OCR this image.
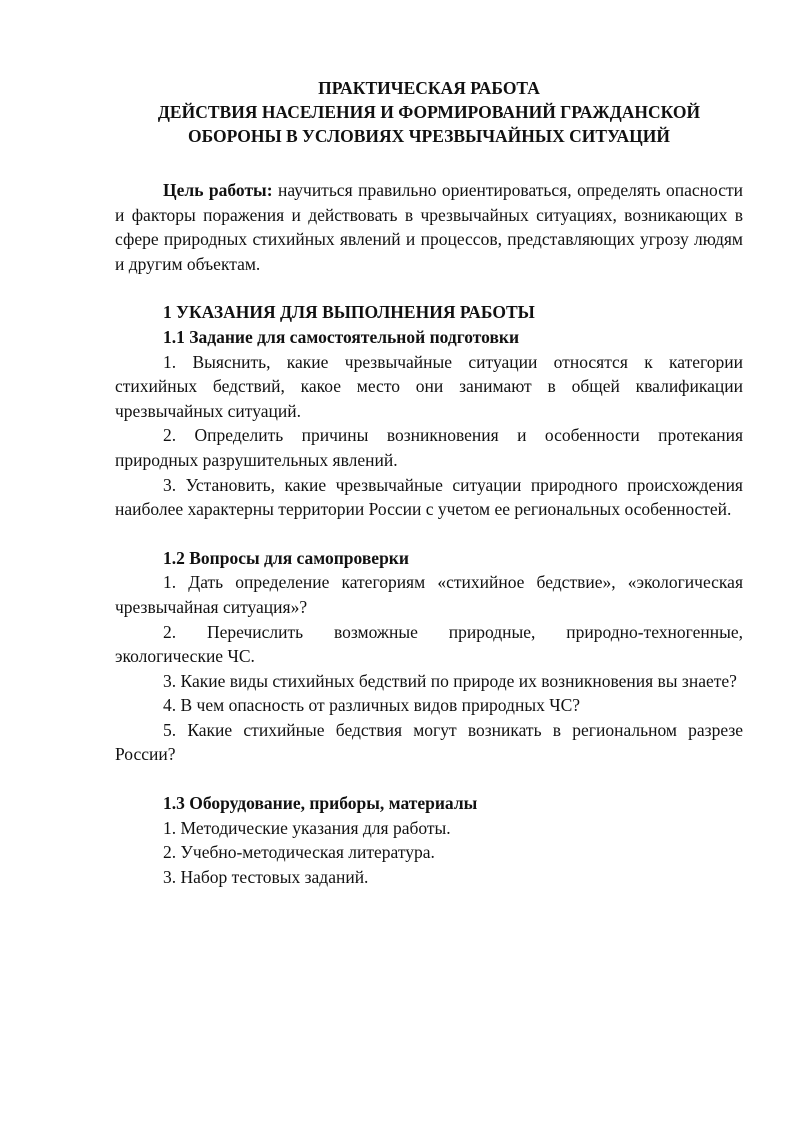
ПРАКТИЧЕСКАЯ РАБОТА
ДЕЙСТВИЯ НАСЕЛЕНИЯ И ФОРМИРОВАНИЙ ГРАЖДАНСКОЙ
ОБОРОНЫ В УСЛОВИЯХ ЧРЕЗВЫЧАЙНЫХ СИТУАЦИЙ

Цель работы: научиться правильно ориентироваться, определять опасности и факторы поражения и действовать в чрезвычайных ситуациях, возникающих в сфере природных стихийных явлений и процессов, представляющих угрозу людям и другим объектам.

1 УКАЗАНИЯ ДЛЯ ВЫПОЛНЕНИЯ РАБОТЫ

1.1 Задание для самостоятельной подготовки

1. Выяснить, какие чрезвычайные ситуации относятся к категории стихийных бедствий, какое место они занимают в общей квалификации чрезвычайных ситуаций.

2. Определить причины возникновения и особенности протекания природных разрушительных явлений.

3. Установить, какие чрезвычайные ситуации природного происхождения наиболее характерны территории России с учетом ее региональных особенностей.

1.2 Вопросы для самопроверки

1. Дать определение категориям «стихийное бедствие», «экологическая чрезвычайная ситуация»?

2. Перечислить возможные природные, природно-техногенные, экологические ЧС.

3. Какие виды стихийных бедствий по природе их возникновения вы знаете?

4. В чем опасность от различных видов природных ЧС?

5. Какие стихийные бедствия могут возникать в региональном разрезе России?

1.3 Оборудование, приборы, материалы

1. Методические указания для работы.

2. Учебно-методическая литература.

3. Набор тестовых заданий.
